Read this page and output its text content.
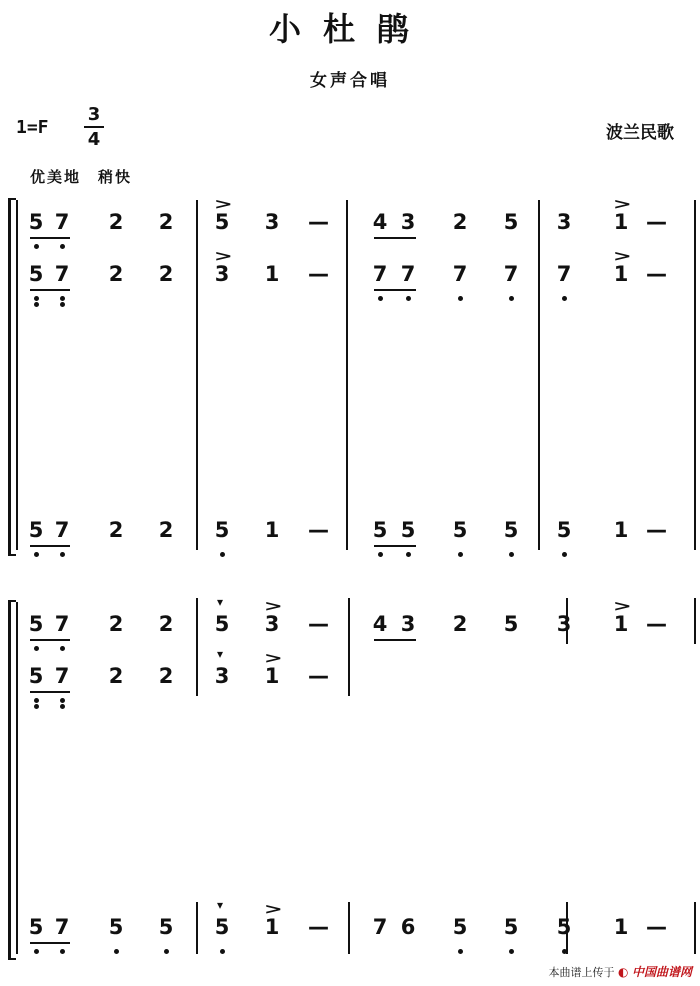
小杜鹃
女声合唱
1=F
3
4	波兰民歌
优美地　稍快
5 7 2 2 5 3 — 4 3 2 5 3 1 —
>	>
5 7 2 2 3 1 — 7 7 7 7 7 1 —
>	>
5 7 2 2 5 1 — 5 5 5 5 5 1 —
5 7 2 2 5 3 — 4 3 2 5 3 1 —
>	>
▾
5 7 2 2 3 1 —
>
▾
5 7 5 5 5 1 — 7 6 5 5 5 1 —
>
▾
本曲谱上传于 ◐ 中国曲谱网
